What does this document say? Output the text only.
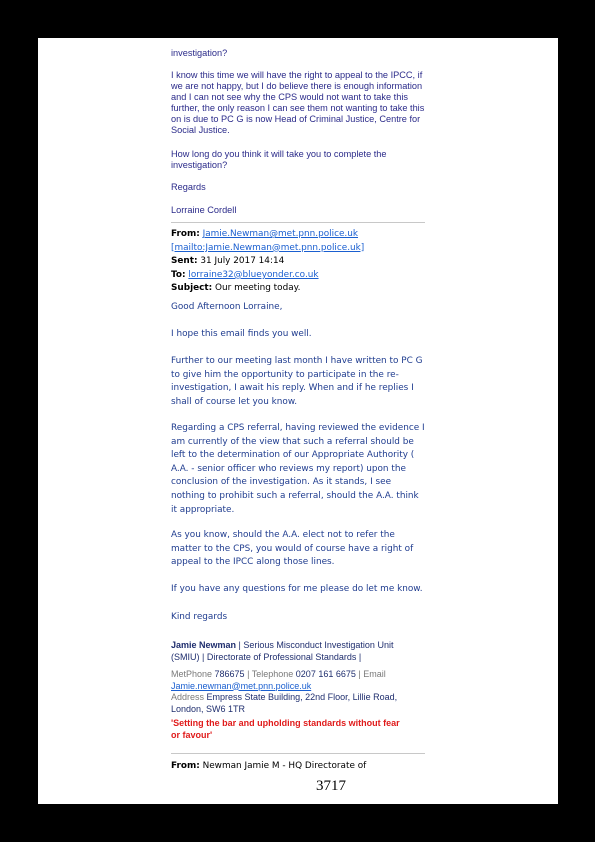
investigation?
I know this time we will have the right to appeal to the IPCC, if we are not happy, but I do believe there is enough information and I can not see why the CPS would not want to take this further, the only reason I can see them not wanting to take this on is due to PC G is now Head of Criminal Justice, Centre for Social Justice.
How long do you think it will take you to complete the investigation?
Regards
Lorraine Cordell
From: Jamie.Newman@met.pnn.police.uk
[mailto:Jamie.Newman@met.pnn.police.uk]
Sent: 31 July 2017 14:14
To: lorraine32@blueyonder.co.uk
Subject: Our meeting today.
Good Afternoon Lorraine,
I hope this email finds you well.
Further to our meeting last month I have written to PC G to give him the opportunity to participate in the re-investigation, I await his reply. When and if he replies I shall of course let you know.
Regarding a CPS referral, having reviewed the evidence I am currently of the view that such a referral should be left to the determination of our Appropriate Authority ( A.A. - senior officer who reviews my report) upon the conclusion of the investigation. As it stands, I see nothing to prohibit such a referral, should the A.A. think it appropriate.
As you know, should the A.A. elect not to refer the matter to the CPS, you would of course have a right of appeal to the IPCC along those lines.
If you have any questions for me please do let me know.
Kind regards
Jamie Newman | Serious Misconduct Investigation Unit
(SMIU) | Directorate of Professional Standards |
MetPhone 786675 | Telephone 0207 161 6675 | Email
Jamie.newman@met.pnn.police.uk
Address Empress State Building, 22nd Floor, Lillie Road,
London, SW6 1TR
'Setting the bar and upholding standards without fear
or favour'
From: Newman Jamie M - HQ Directorate of
3717
